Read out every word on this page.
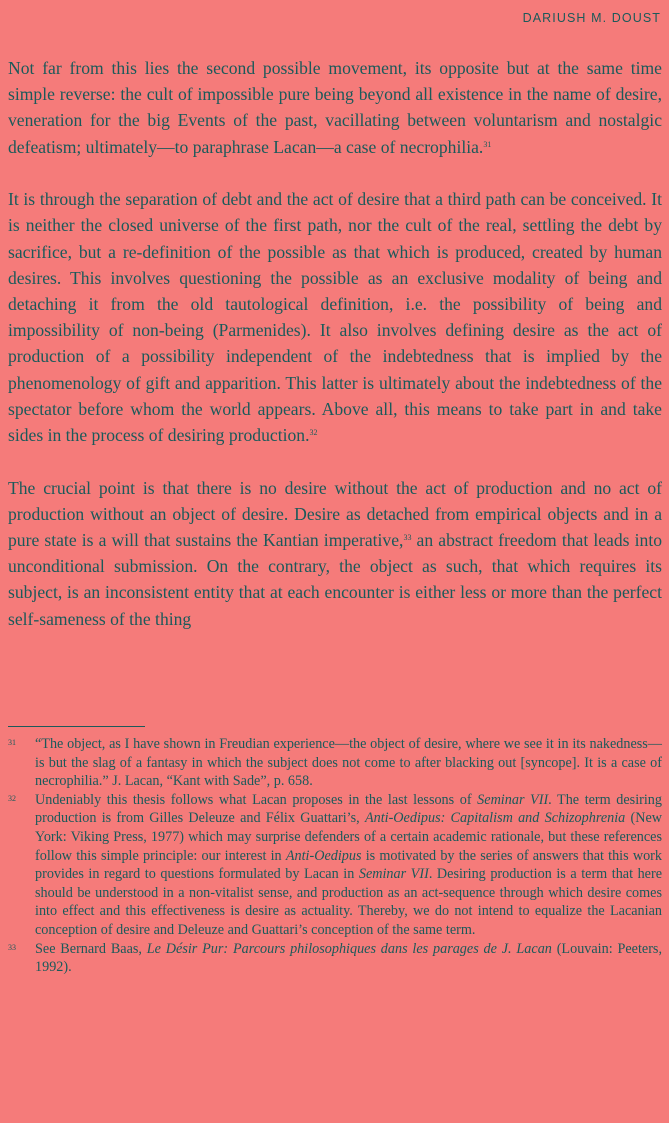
DARIUSH M. DOUST

Not far from this lies the second possible movement, its opposite but at the same time simple reverse: the cult of impossible pure being beyond all existence in the name of desire, veneration for the big Events of the past, vacillating between voluntarism and nostalgic defeatism; ultimately—to paraphrase Lacan—a case of necrophilia.$^{31}$

It is through the separation of debt and the act of desire that a third path can be conceived. It is neither the closed universe of the first path, nor the cult of the real, settling the debt by sacrifice, but a re-definition of the possible as that which is produced, created by human desires. This involves questioning the possible as an exclusive modality of being and detaching it from the old tautological definition, i.e. the possibility of being and impossibility of non-being (Parmenides). It also involves defining desire as the act of production of a possibility independent of the indebtedness that is implied by the phenomenology of gift and apparition. This latter is ultimately about the indebtedness of the spectator before whom the world appears. Above all, this means to take part in and take sides in the process of desiring production.$^{32}$

The crucial point is that there is no desire without the act of production and no act of production without an object of desire. Desire as detached from empirical objects and in a pure state is a will that sustains the Kantian imperative,$^{33}$ an abstract freedom that leads into unconditional submission. On the contrary, the object as such, that which requires its subject, is an inconsistent entity that at each encounter is either less or more than the perfect self-sameness of the thing

31 “The object, as I have shown in Freudian experience—the object of desire, where we see it in its nakedness—is but the slag of a fantasy in which the subject does not come to after blacking out [syncope]. It is a case of necrophilia.” J. Lacan, “Kant with Sade”, p. 658.
32 Undeniably this thesis follows what Lacan proposes in the last lessons of Seminar VII. The term desiring production is from Gilles Deleuze and Félix Guattari’s, Anti-Oedipus: Capitalism and Schizophrenia (New York: Viking Press, 1977) which may surprise defenders of a certain academic rationale, but these references follow this simple principle: our interest in Anti-Oedipus is motivated by the series of answers that this work provides in regard to questions formulated by Lacan in Seminar VII. Desiring production is a term that here should be understood in a non-vitalist sense, and production as an act-sequence through which desire comes into effect and this effectiveness is desire as actuality. Thereby, we do not intend to equalize the Lacanian conception of desire and Deleuze and Guattari’s conception of the same term.
33 See Bernard Baas, Le Désir Pur: Parcours philosophiques dans les parages de J. Lacan (Louvain: Peeters, 1992).
